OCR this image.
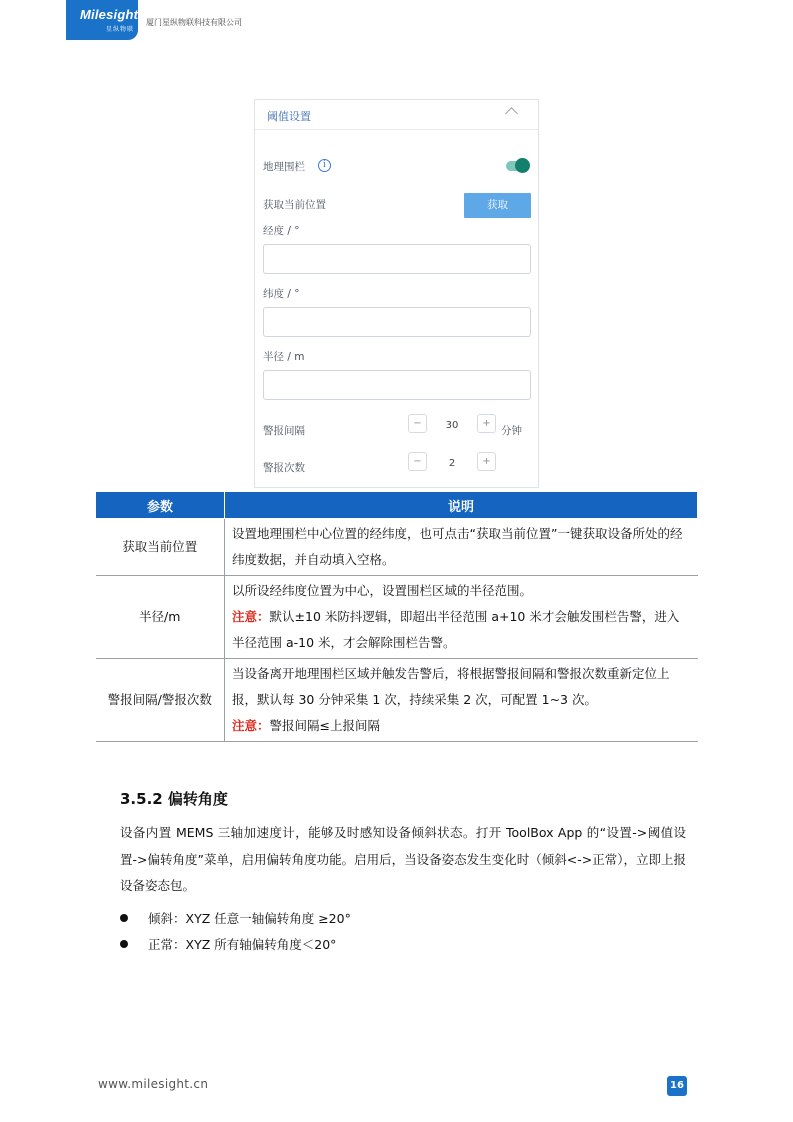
Milesight
星纵物联
厦门星纵物联科技有限公司
阈值设置
地理围栏	i
获取当前位置	获取
经度 / °
纬度 / °
半径 / m
警报间隔
−	30	+
分钟
警报次数
−	2	+
参数	说明
获取当前位置	设置地理围栏中心位置的经纬度，也可点击“获取当前位置”一键获取设备所处的经纬度数据，并自动填入空格。
半径/m	以所设经纬度位置为中心，设置围栏区域的半径范围。
注意：默认±10 米防抖逻辑，即超出半径范围 a+10 米才会触发围栏告警，进入半径范围 a-10 米，才会解除围栏告警。
警报间隔/警报次数	当设备离开地理围栏区域并触发告警后，将根据警报间隔和警报次数重新定位上报，默认每 30 分钟采集 1 次，持续采集 2 次，可配置 1~3 次。
注意：警报间隔≤上报间隔
3.5.2 偏转角度
设备内置 MEMS 三轴加速度计，能够及时感知设备倾斜状态。打开 ToolBox App 的“设置->阈值设置->偏转角度”菜单，启用偏转角度功能。启用后，当设备姿态发生变化时（倾斜<->正常），立即上报设备姿态包。
倾斜：XYZ 任意一轴偏转角度 ≥20°
正常：XYZ 所有轴偏转角度＜20°
www.milesight.cn	16
